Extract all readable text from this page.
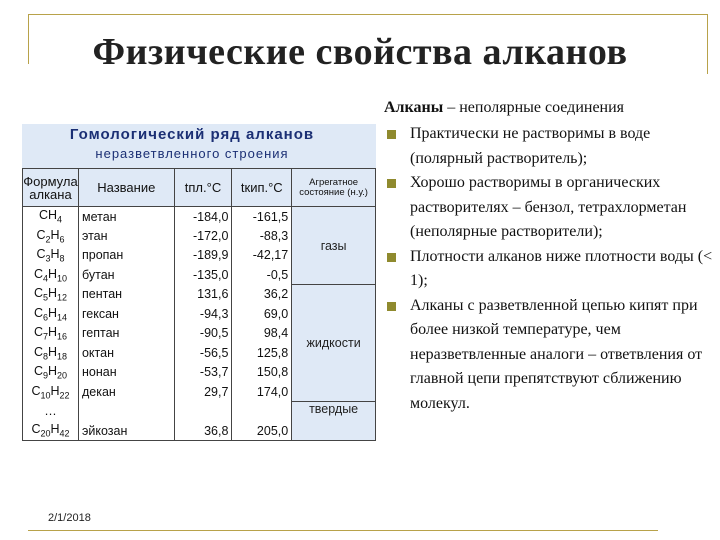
Физические свойства алканов
Гомологический ряд алканов
неразветвленного строения
Формула алкана	Название	tпл.°С	tкип.°С	Агрегатное состояние (н.у.)
$CH_4$	метан	-184,0	-161,5	газы
$C_2H_6$	этан	-172,0	-88,3	
$C_3H_8$	пропан	-189,9	-42,17	
$C_4H_{10}$	бутан	-135,0	-0,5	
$C_5H_{12}$	пентан	131,6	36,2	жидкости
$C_6H_{14}$	гексан	-94,3	69,0	
$C_7H_{16}$	гептан	-90,5	98,4	
$C_8H_{18}$	октан	-56,5	125,8	
$C_9H_{20}$	нонан	-53,7	150,8	
$C_{10}H_{22}$	декан	29,7	174,0	
…				твердые
$C_{20}H_{42}$	эйкозан	36,8	205,0	
Алканы – неполярные соединения
Практически не растворимы в воде (полярный растворитель);
Хорошо растворимы в органических растворителях – бензол, тетрахлорметан (неполярные растворители);
Плотности алканов ниже плотности воды (< 1);
Алканы с разветвленной цепью кипят при более низкой температуре, чем неразветвленные аналоги – ответвления от главной цепи препятствуют сближению молекул.
2/1/2018
